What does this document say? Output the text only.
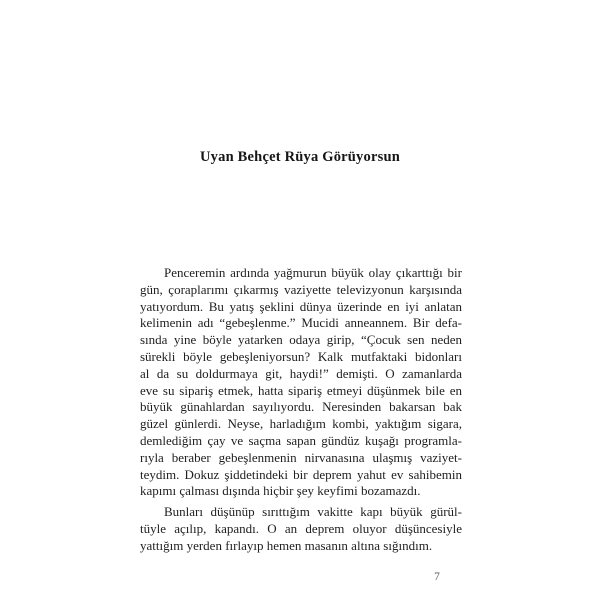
Uyan Behçet Rüya Görüyorsun
Penceremin ardında yağmurun büyük olay çıkarttığı bir
gün, çoraplarımı çıkarmış vaziyette televizyonun karşısında
yatıyordum. Bu yatış şeklini dünya üzerinde en iyi anlatan
kelimenin adı “gebeşlenme.” Mucidi anneannem. Bir defa-
sında yine böyle yatarken odaya girip, “Çocuk sen neden
sürekli böyle gebeşleniyorsun? Kalk mutfaktaki bidonları
al da su doldurmaya git, haydi!” demişti. O zamanlarda
eve su sipariş etmek, hatta sipariş etmeyi düşünmek bile en
büyük günahlardan sayılıyordu. Neresinden bakarsan bak
güzel günlerdi. Neyse, harladığım kombi, yaktığım sigara,
demlediğim çay ve saçma sapan gündüz kuşağı programla-
rıyla beraber gebeşlenmenin nirvanasına ulaşmış vaziyet-
teydim. Dokuz şiddetindeki bir deprem yahut ev sahibemin
kapımı çalması dışında hiçbir şey keyfimi bozamazdı.
Bunları düşünüp sırıttığım vakitte kapı büyük gürül-
tüyle açılıp, kapandı. O an deprem oluyor düşüncesiyle
yattığım yerden fırlayıp hemen masanın altına sığındım.
7
